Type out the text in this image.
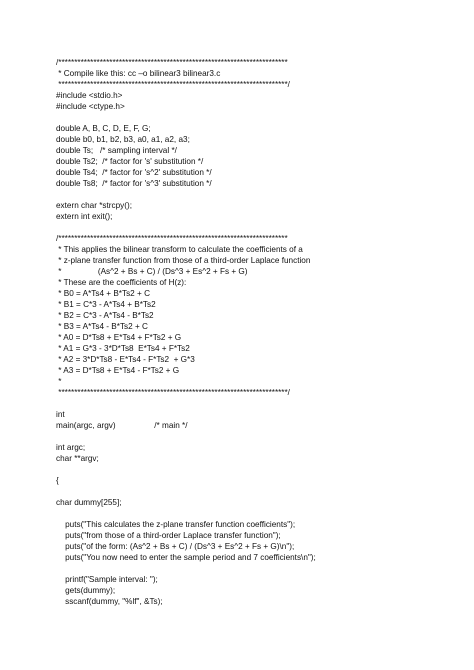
/************************************************************************
* Compile like this: cc –o bilinear3 bilinear3.c
************************************************************************/
#include <stdio.h>
#include <ctype.h>
double A, B, C, D, E, F, G;
double b0, b1, b2, b3, a0, a1, a2, a3;
double Ts;   /* sampling interval */
double Ts2;  /* factor for 's' substitution */
double Ts4;  /* factor for 's^2' substitution */
double Ts8;  /* factor for 's^3' substitution */
extern char *strcpy();
extern int exit();
/************************************************************************
* This applies the bilinear transform to calculate the coefficients of a
* z-plane transfer function from those of a third-order Laplace function
*                (As^2 + Bs + C) / (Ds^3 + Es^2 + Fs + G)
* These are the coefficients of H(z):
* B0 = A*Ts4 + B*Ts2 + C
* B1 = C*3 - A*Ts4 + B*Ts2
* B2 = C*3 - A*Ts4 - B*Ts2
* B3 = A*Ts4 - B*Ts2 + C
* A0 = D*Ts8 + E*Ts4 + F*Ts2 + G
* A1 = G*3 - 3*D*Ts8  E*Ts4 + F*Ts2
* A2 = 3*D*Ts8 - E*Ts4 - F*Ts2  + G*3
* A3 = D*Ts8 + E*Ts4 - F*Ts2 + G
*
************************************************************************/
int
main(argc, argv)                 /* main */
int argc;
char **argv;
{
char dummy[255];
puts("This calculates the z-plane transfer function coefficients");
puts("from those of a third-order Laplace transfer function");
puts("of the form: (As^2 + Bs + C) / (Ds^3 + Es^2 + Fs + G)\n");
puts("You now need to enter the sample period and 7 coefficients\n");
printf("Sample interval: ");
gets(dummy);
sscanf(dummy, "%lf", &Ts);
